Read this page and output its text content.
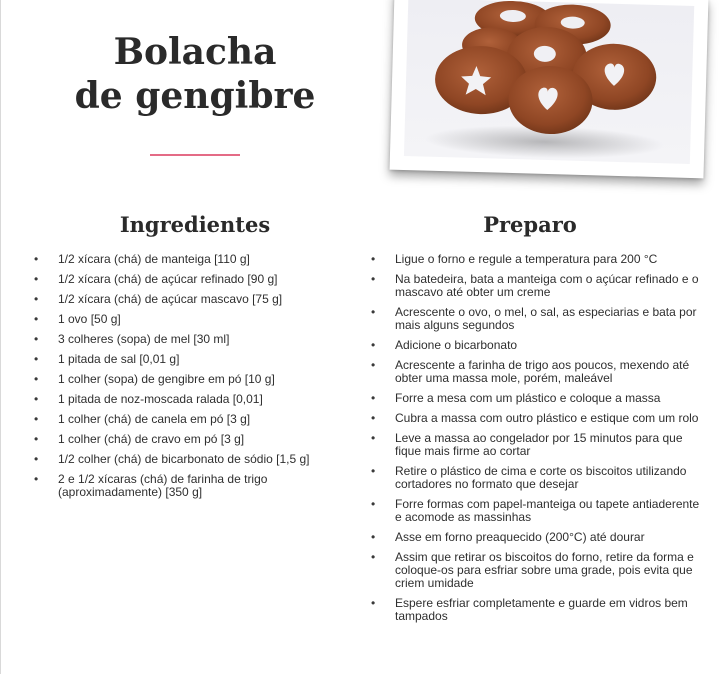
Bolacha
de gengibre
Ingredientes	Preparo
• 1/2 xícara (chá) de manteiga [110 g]
• 1/2 xícara (chá) de açúcar refinado [90 g]
• 1/2 xícara (chá) de açúcar mascavo [75 g]
• 1 ovo [50 g]
• 3 colheres (sopa) de mel [30 ml]
• 1 pitada de sal [0,01 g]
• 1 colher (sopa) de gengibre em pó [10 g]
• 1 pitada de noz-moscada ralada [0,01]
• 1 colher (chá) de canela em pó [3 g]
• 1 colher (chá) de cravo em pó [3 g]
• 1/2 colher (chá) de bicarbonato de sódio [1,5 g]
• 2 e 1/2 xícaras (chá) de farinha de trigo (aproximadamente) [350 g]
• Ligue o forno e regule a temperatura para 200 °C
• Na batedeira, bata a manteiga com o açúcar refinado e o mascavo até obter um creme
• Acrescente o ovo, o mel, o sal, as especiarias e bata por mais alguns segundos
• Adicione o bicarbonato
• Acrescente a farinha de trigo aos poucos, mexendo até obter uma massa mole, porém, maleável
• Forre a mesa com um plástico e coloque a massa
• Cubra a massa com outro plástico e estique com um rolo
• Leve a massa ao congelador por 15 minutos para que fique mais firme ao cortar
• Retire o plástico de cima e corte os biscoitos utilizando cortadores no formato que desejar
• Forre formas com papel-manteiga ou tapete antiaderente e acomode as massinhas
• Asse em forno preaquecido (200°C) até dourar
• Assim que retirar os biscoitos do forno, retire da forma e coloque-os para esfriar sobre uma grade, pois evita que criem umidade
• Espere esfriar completamente e guarde em vidros bem tampados
